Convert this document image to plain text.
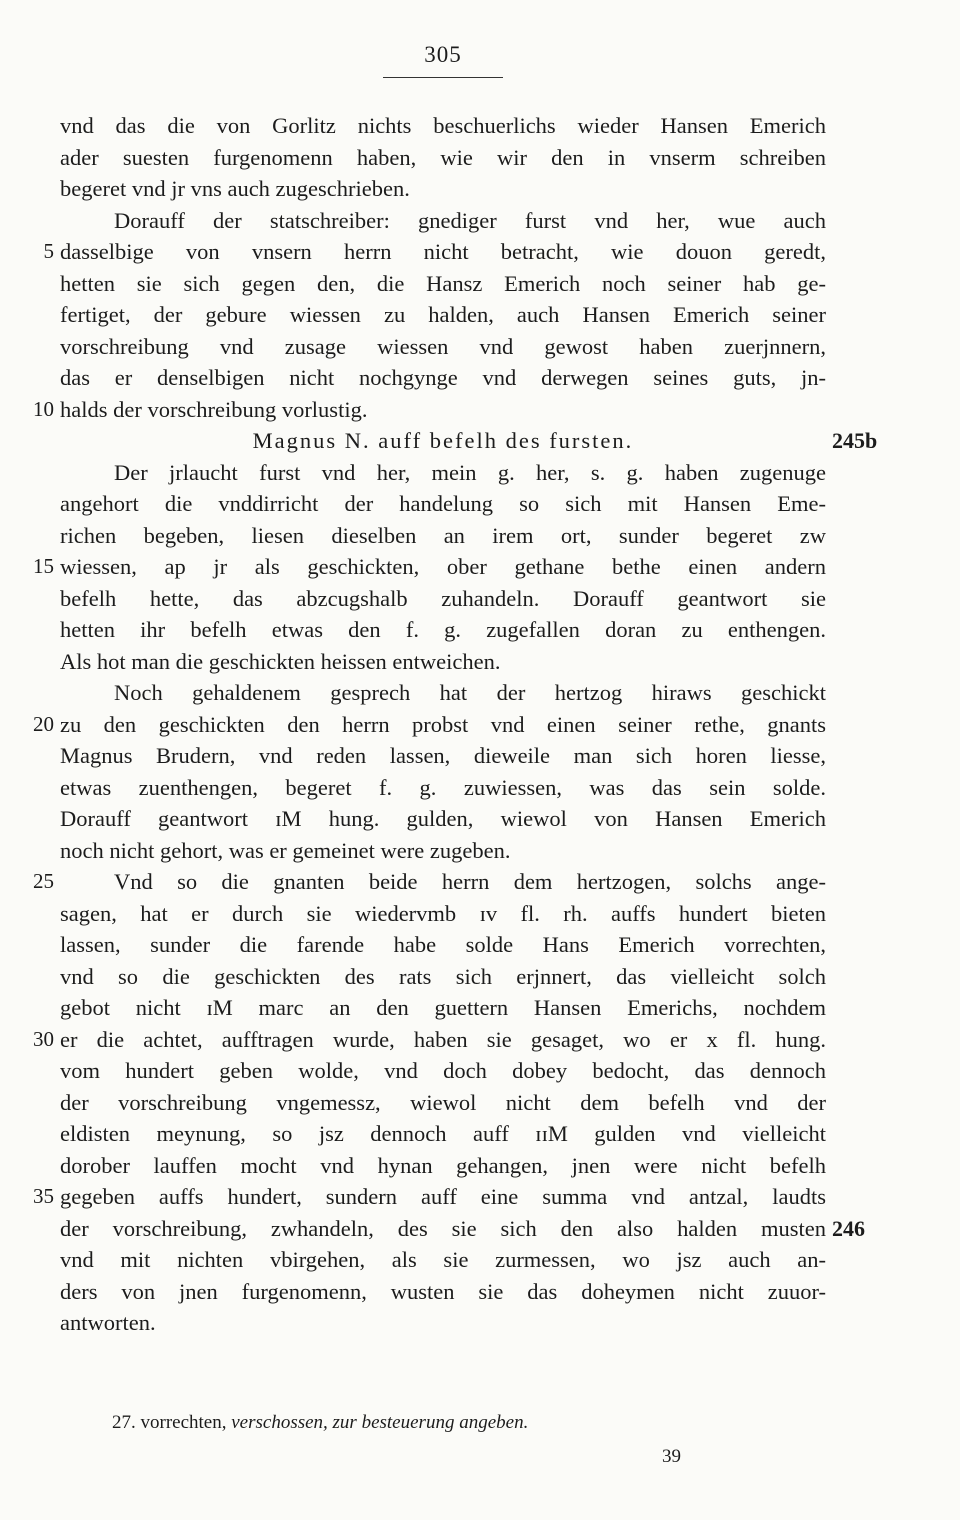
305
vnd das die von Gorlitz nichts beschuerlichs wieder Hansen Emerich
ader suesten furgenomenn haben, wie wir den in vnserm schreiben
begeret vnd jr vns auch zugeschrieben.
Dorauff der statschreiber: gnediger furst vnd her, wue auch
5 dasselbige von vnsern herrn nicht betracht, wie douon geredt,
hetten sie sich gegen den, die Hansz Emerich noch seiner hab ge-
fertiget, der gebure wiessen zu halden, auch Hansen Emerich seiner
vorschreibung vnd zusage wiessen vnd gewost haben zuerjnnern,
das er denselbigen nicht nochgynge vnd derwegen seines guts, jn-
10 halds der vorschreibung vorlustig.
Magnus N. auff befelh des fursten.	245b
Der jrlaucht furst vnd her, mein g. her, s. g. haben zugenuge
angehort die vnddirricht der handelung so sich mit Hansen Eme-
richen begeben, liesen dieselben an irem ort, sunder begeret zw
15 wiessen, ap jr als geschickten, ober gethane bethe einen andern
befelh hette, das abzcugshalb zuhandeln. Dorauff geantwort sie
hetten ihr befelh etwas den f. g. zugefallen doran zu enthengen.
Als hot man die geschickten heissen entweichen.
Noch gehaldenem gesprech hat der hertzog hiraws geschickt
20 zu den geschickten den herrn probst vnd einen seiner rethe, gnants
Magnus Brudern, vnd reden lassen, dieweile man sich horen liesse,
etwas zuenthengen, begeret f. g. zuwiessen, was das sein solde.
Dorauff geantwort ɪM hung. gulden, wiewol von Hansen Emerich
noch nicht gehort, was er gemeinet were zugeben.
25	Vnd so die gnanten beide herrn dem hertzogen, solchs ange-
sagen, hat er durch sie wiedervmb ɪv fl. rh. auffs hundert bieten
lassen, sunder die farende habe solde Hans Emerich vorrechten,
vnd so die geschickten des rats sich erjnnert, das vielleicht solch
gebot nicht ɪM marc an den guettern Hansen Emerichs, nochdem
30 er die achtet, aufftragen wurde, haben sie gesaget, wo er x fl. hung.
vom hundert geben wolde, vnd doch dobey bedocht, das dennoch
der vorschreibung vngemessz, wiewol nicht dem befelh vnd der
eldisten meynung, so jsz dennoch auff ɪɪM gulden vnd vielleicht
dorober lauffen mocht vnd hynan gehangen, jnen were nicht befelh
35 gegeben auffs hundert, sundern auff eine summa vnd antzal, laudts
der vorschreibung, zwhandeln, des sie sich den also halden musten 246
vnd mit nichten vbirgehen, als sie zurmessen, wo jsz auch an-
ders von jnen furgenomenn, wusten sie das doheymen nicht zuuor-
antworten.
27. vorrechten, verschossen, zur besteuerung angeben.
39
